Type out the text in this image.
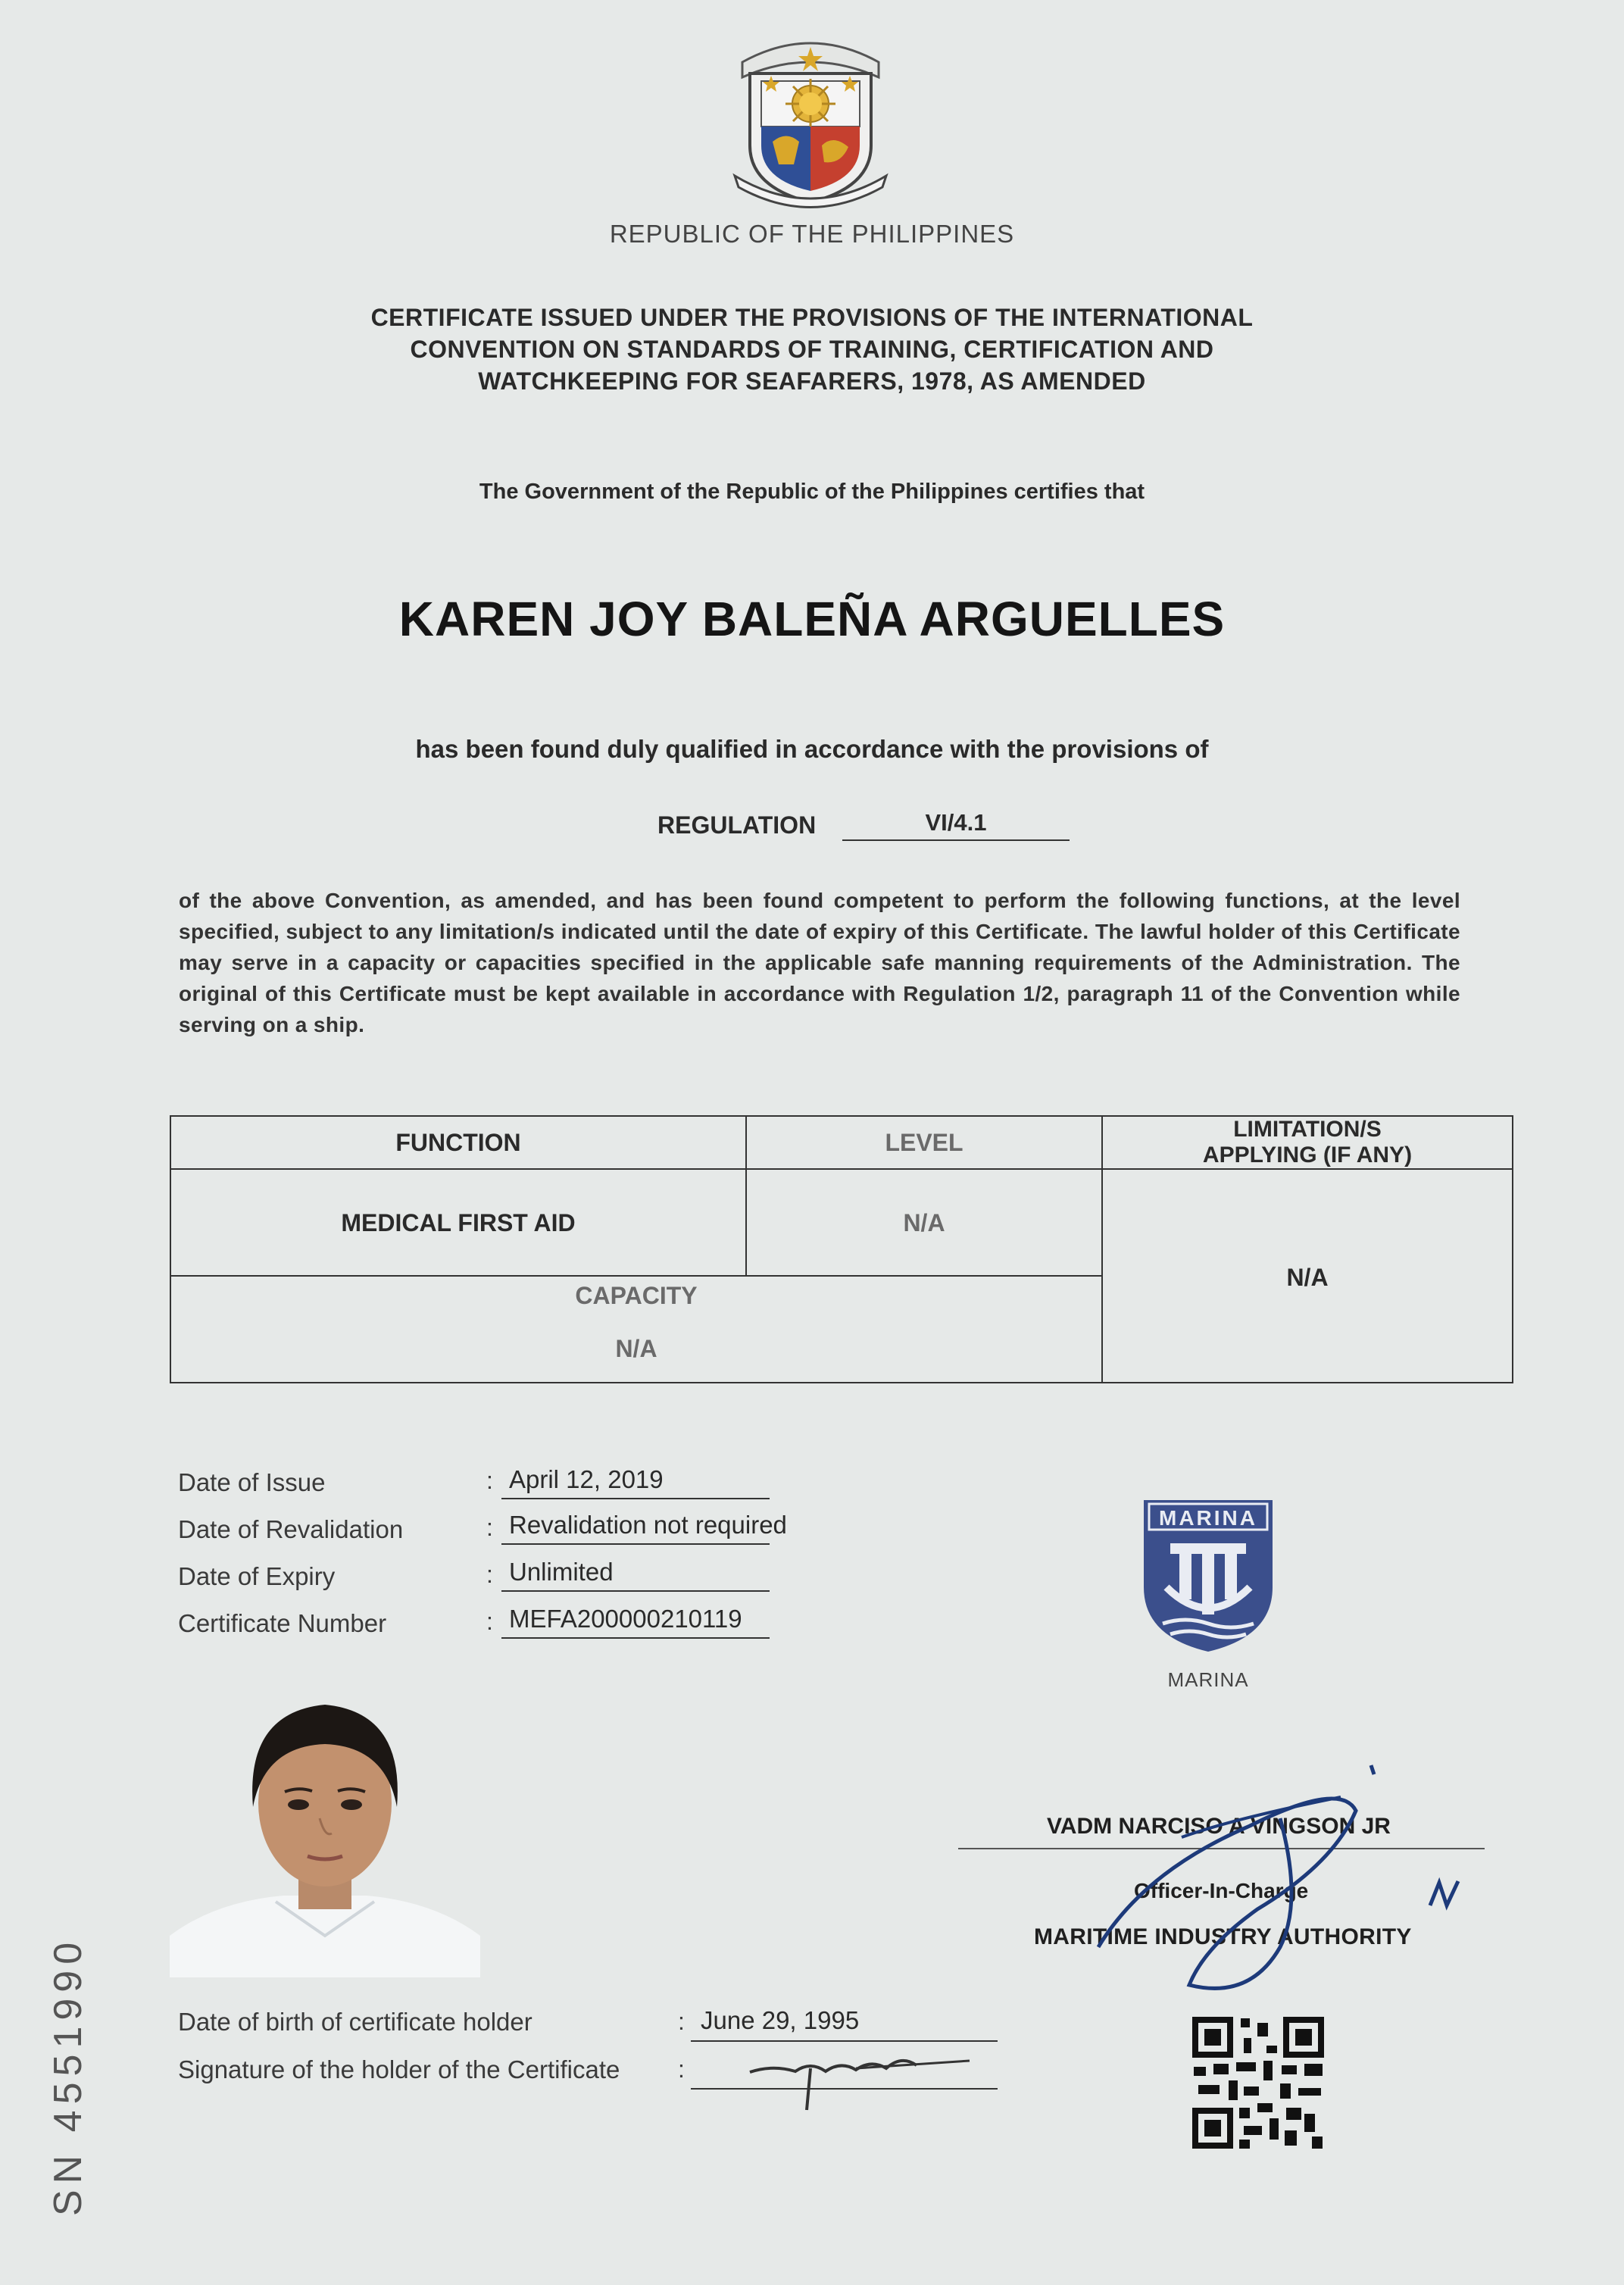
REPUBLIC OF THE PHILIPPINES
CERTIFICATE ISSUED UNDER THE PROVISIONS OF THE INTERNATIONAL
CONVENTION ON STANDARDS OF TRAINING, CERTIFICATION AND
WATCHKEEPING FOR SEAFARERS, 1978, AS AMENDED
The Government of the Republic of the Philippines certifies that
KAREN JOY BALEÑA ARGUELLES
has been found duly qualified in accordance with the provisions of
REGULATION	VI/4.1
of the above Convention, as amended, and has been found competent to perform the following functions, at the level specified, subject to any limitation/s indicated until the date of expiry of this Certificate. The lawful holder of this Certificate may serve in a capacity or capacities specified in the applicable safe manning requirements of the Administration. The original of this Certificate must be kept available in accordance with Regulation 1/2, paragraph 11 of the Convention while serving on a ship.
FUNCTION	LEVEL	LIMITATION/S
APPLYING (IF ANY)
MEDICAL FIRST AID	N/A
N/A
CAPACITY
N/A
Date of Issue	: April 12, 2019
Date of Revalidation	: Revalidation not required
Date of Expiry	: Unlimited
Certificate Number	: MEFA200000210119
MARINA
MARINA
VADM NARCISO A VINGSON JR
Officer-In-Charge
MARITIME INDUSTRY AUTHORITY
SN 4551990	Date of birth of certificate holder	: June 29, 1995
Signature of the holder of the Certificate :
